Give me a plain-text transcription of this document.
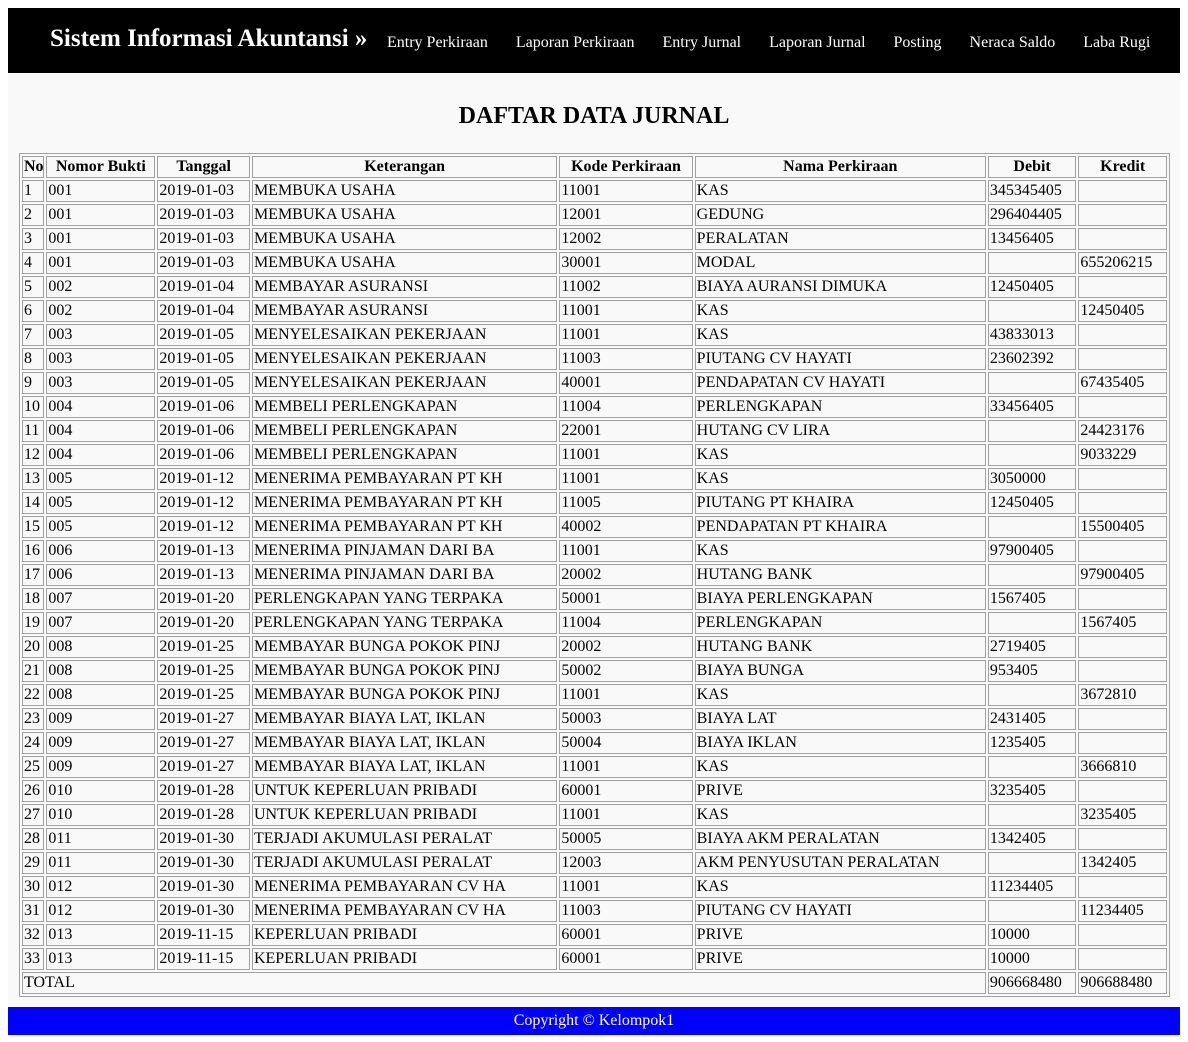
Sistem Informasi Akuntansi » Entry Perkiraan Laporan Perkiraan Entry Jurnal Laporan Jurnal Posting Neraca Saldo Laba Rugi
DAFTAR DATA JURNAL
No	Nomor Bukti	Tanggal	Keterangan	Kode Perkiraan	Nama Perkiraan	Debit	Kredit
1	001	2019-01-03	MEMBUKA USAHA	11001	KAS	345345405	
2	001	2019-01-03	MEMBUKA USAHA	12001	GEDUNG	296404405	
3	001	2019-01-03	MEMBUKA USAHA	12002	PERALATAN	13456405	
4	001	2019-01-03	MEMBUKA USAHA	30001	MODAL		655206215
5	002	2019-01-04	MEMBAYAR ASURANSI	11002	BIAYA AURANSI DIMUKA	12450405	
6	002	2019-01-04	MEMBAYAR ASURANSI	11001	KAS		12450405
7	003	2019-01-05	MENYELESAIKAN PEKERJAAN	11001	KAS	43833013	
8	003	2019-01-05	MENYELESAIKAN PEKERJAAN	11003	PIUTANG CV HAYATI	23602392	
9	003	2019-01-05	MENYELESAIKAN PEKERJAAN	40001	PENDAPATAN CV HAYATI		67435405
10	004	2019-01-06	MEMBELI PERLENGKAPAN	11004	PERLENGKAPAN	33456405	
11	004	2019-01-06	MEMBELI PERLENGKAPAN	22001	HUTANG CV LIRA		24423176
12	004	2019-01-06	MEMBELI PERLENGKAPAN	11001	KAS		9033229
13	005	2019-01-12	MENERIMA PEMBAYARAN PT KH	11001	KAS	3050000	
14	005	2019-01-12	MENERIMA PEMBAYARAN PT KH	11005	PIUTANG PT KHAIRA	12450405	
15	005	2019-01-12	MENERIMA PEMBAYARAN PT KH	40002	PENDAPATAN PT KHAIRA		15500405
16	006	2019-01-13	MENERIMA PINJAMAN DARI BA	11001	KAS	97900405	
17	006	2019-01-13	MENERIMA PINJAMAN DARI BA	20002	HUTANG BANK		97900405
18	007	2019-01-20	PERLENGKAPAN YANG TERPAKA	50001	BIAYA PERLENGKAPAN	1567405	
19	007	2019-01-20	PERLENGKAPAN YANG TERPAKA	11004	PERLENGKAPAN		1567405
20	008	2019-01-25	MEMBAYAR BUNGA POKOK PINJ	20002	HUTANG BANK	2719405	
21	008	2019-01-25	MEMBAYAR BUNGA POKOK PINJ	50002	BIAYA BUNGA	953405	
22	008	2019-01-25	MEMBAYAR BUNGA POKOK PINJ	11001	KAS		3672810
23	009	2019-01-27	MEMBAYAR BIAYA LAT, IKLAN	50003	BIAYA LAT	2431405	
24	009	2019-01-27	MEMBAYAR BIAYA LAT, IKLAN	50004	BIAYA IKLAN	1235405	
25	009	2019-01-27	MEMBAYAR BIAYA LAT, IKLAN	11001	KAS		3666810
26	010	2019-01-28	UNTUK KEPERLUAN PRIBADI	60001	PRIVE	3235405	
27	010	2019-01-28	UNTUK KEPERLUAN PRIBADI	11001	KAS		3235405
28	011	2019-01-30	TERJADI AKUMULASI PERALAT	50005	BIAYA AKM PERALATAN	1342405	
29	011	2019-01-30	TERJADI AKUMULASI PERALAT	12003	AKM PENYUSUTAN PERALATAN		1342405
30	012	2019-01-30	MENERIMA PEMBAYARAN CV HA	11001	KAS	11234405	
31	012	2019-01-30	MENERIMA PEMBAYARAN CV HA	11003	PIUTANG CV HAYATI		11234405
32	013	2019-11-15	KEPERLUAN PRIBADI	60001	PRIVE	10000	
33	013	2019-11-15	KEPERLUAN PRIBADI	60001	PRIVE	10000	
TOTAL						906668480	906688480
Copyright © Kelompok1
